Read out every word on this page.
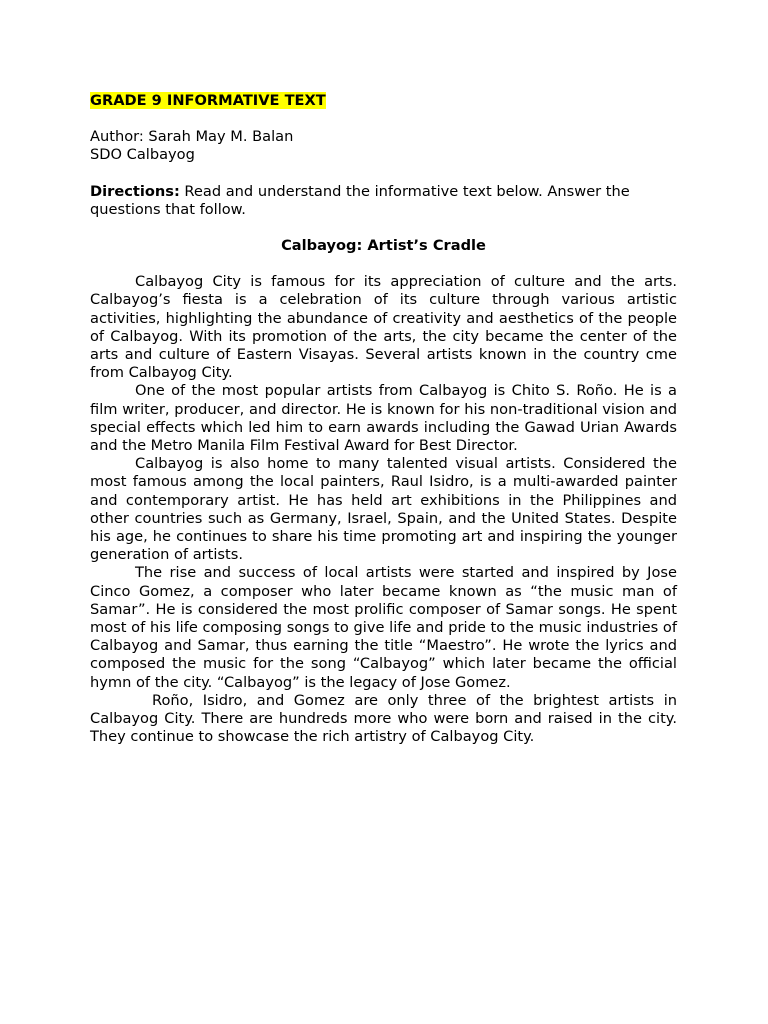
GRADE 9 INFORMATIVE TEXT

Author: Sarah May M. Balan

SDO Calbayog

Directions: Read and understand the informative text below. Answer the questions that follow.

Calbayog: Artist’s Cradle

Calbayog City is famous for its appreciation of culture and the arts. Calbayog’s fiesta is a celebration of its culture through various artistic activities, highlighting the abundance of creativity and aesthetics of the people of Calbayog. With its promotion of the arts, the city became the center of the arts and culture of Eastern Visayas. Several artists known in the country cme from Calbayog City.

One of the most popular artists from Calbayog is Chito S. Roño. He is a film writer, producer, and director. He is known for his non-traditional vision and special effects which led him to earn awards including the Gawad Urian Awards and the Metro Manila Film Festival Award for Best Director.

Calbayog is also home to many talented visual artists. Considered the most famous among the local painters, Raul Isidro, is a multi-awarded painter and contemporary artist. He has held art exhibitions in the Philippines and other countries such as Germany, Israel, Spain, and the United States. Despite his age, he continues to share his time promoting art and inspiring the younger generation of artists.

The rise and success of local artists were started and inspired by Jose Cinco Gomez, a composer who later became known as “the music man of Samar”. He is considered the most prolific composer of Samar songs. He spent most of his life composing songs to give life and pride to the music industries of Calbayog and Samar, thus earning the title “Maestro”. He wrote the lyrics and composed the music for the song “Calbayog” which later became the official hymn of the city. “Calbayog” is the legacy of Jose Gomez.

Roño, Isidro, and Gomez are only three of the brightest artists in Calbayog City. There are hundreds more who were born and raised in the city. They continue to showcase the rich artistry of Calbayog City.
